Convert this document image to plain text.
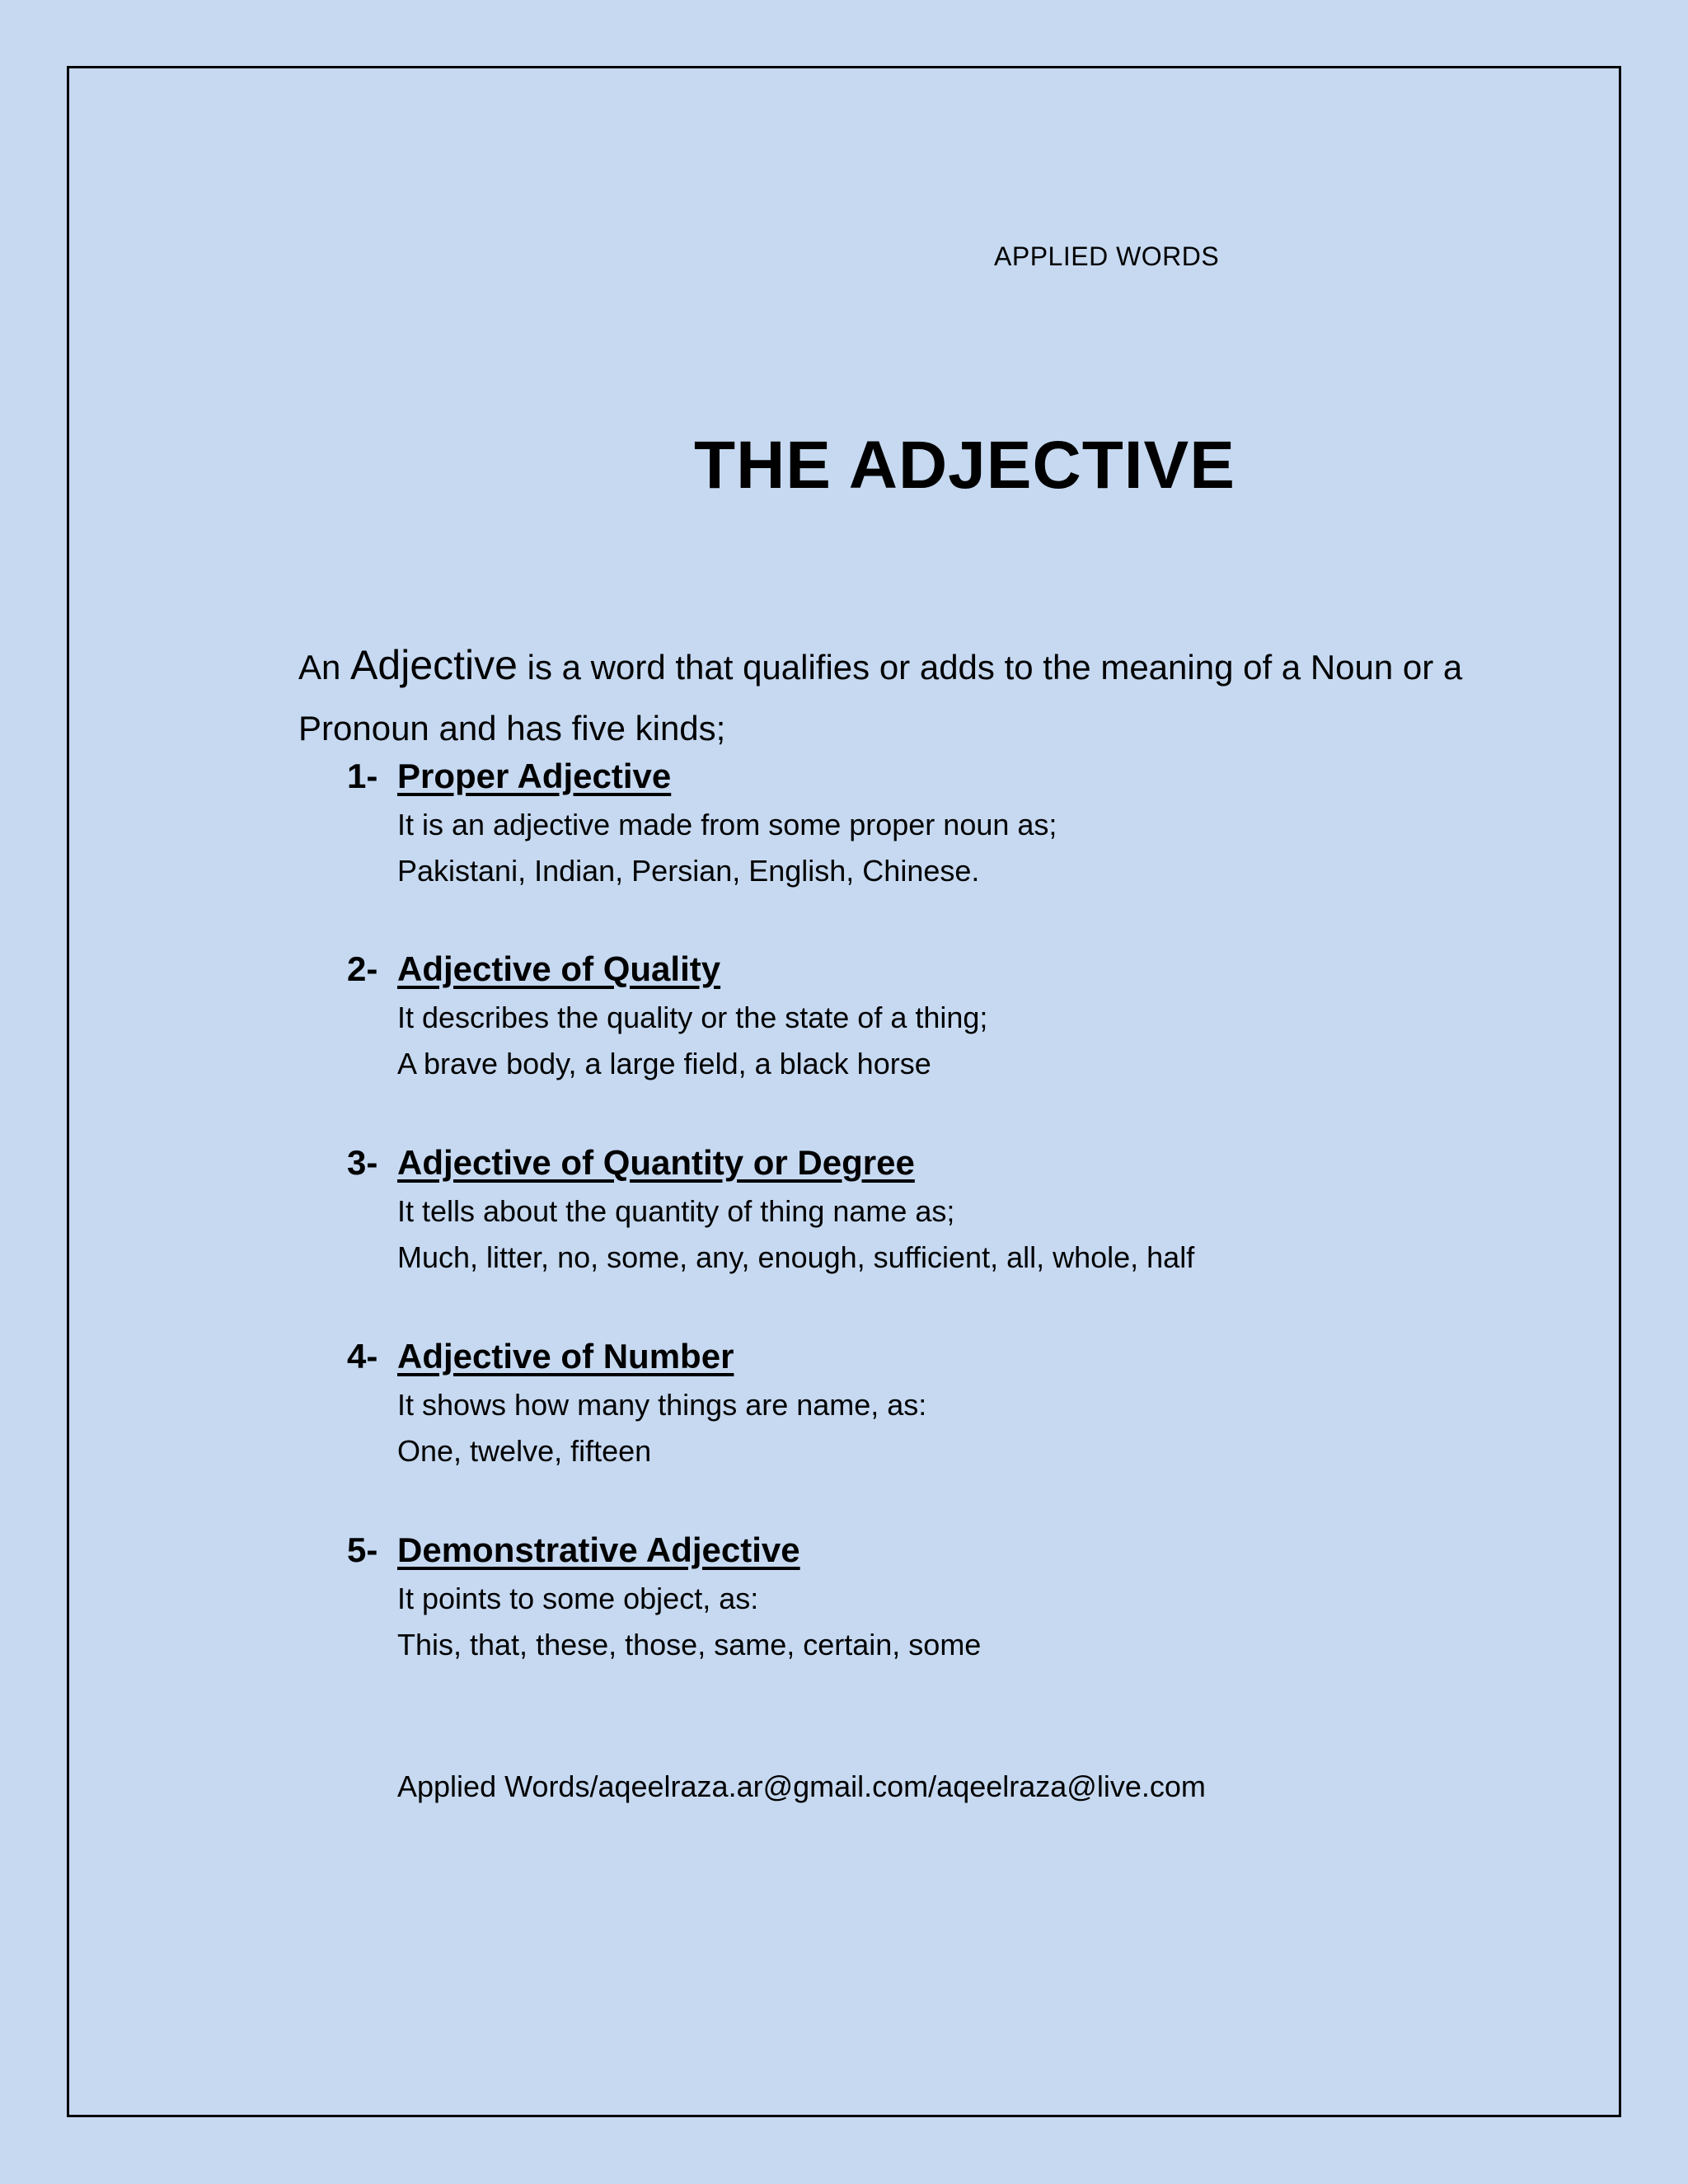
APPLIED WORDS
THE ADJECTIVE
An Adjective is a word that qualifies or adds to the meaning of a Noun or a
Pronoun and has five kinds;
1- Proper Adjective
It is an adjective made from some proper noun as;
Pakistani, Indian, Persian, English, Chinese.
2- Adjective of Quality
It describes the quality or the state of a thing;
A brave body, a large field, a black horse
3- Adjective of Quantity or Degree
It tells about the quantity of thing name as;
Much, litter, no, some, any, enough, sufficient, all, whole, half
4- Adjective of Number
It shows how many things are name, as:
One, twelve, fifteen
5- Demonstrative Adjective
It points to some object, as:
This, that, these, those, same, certain, some
Applied Words/aqeelraza.ar@gmail.com/aqeelraza@live.com
